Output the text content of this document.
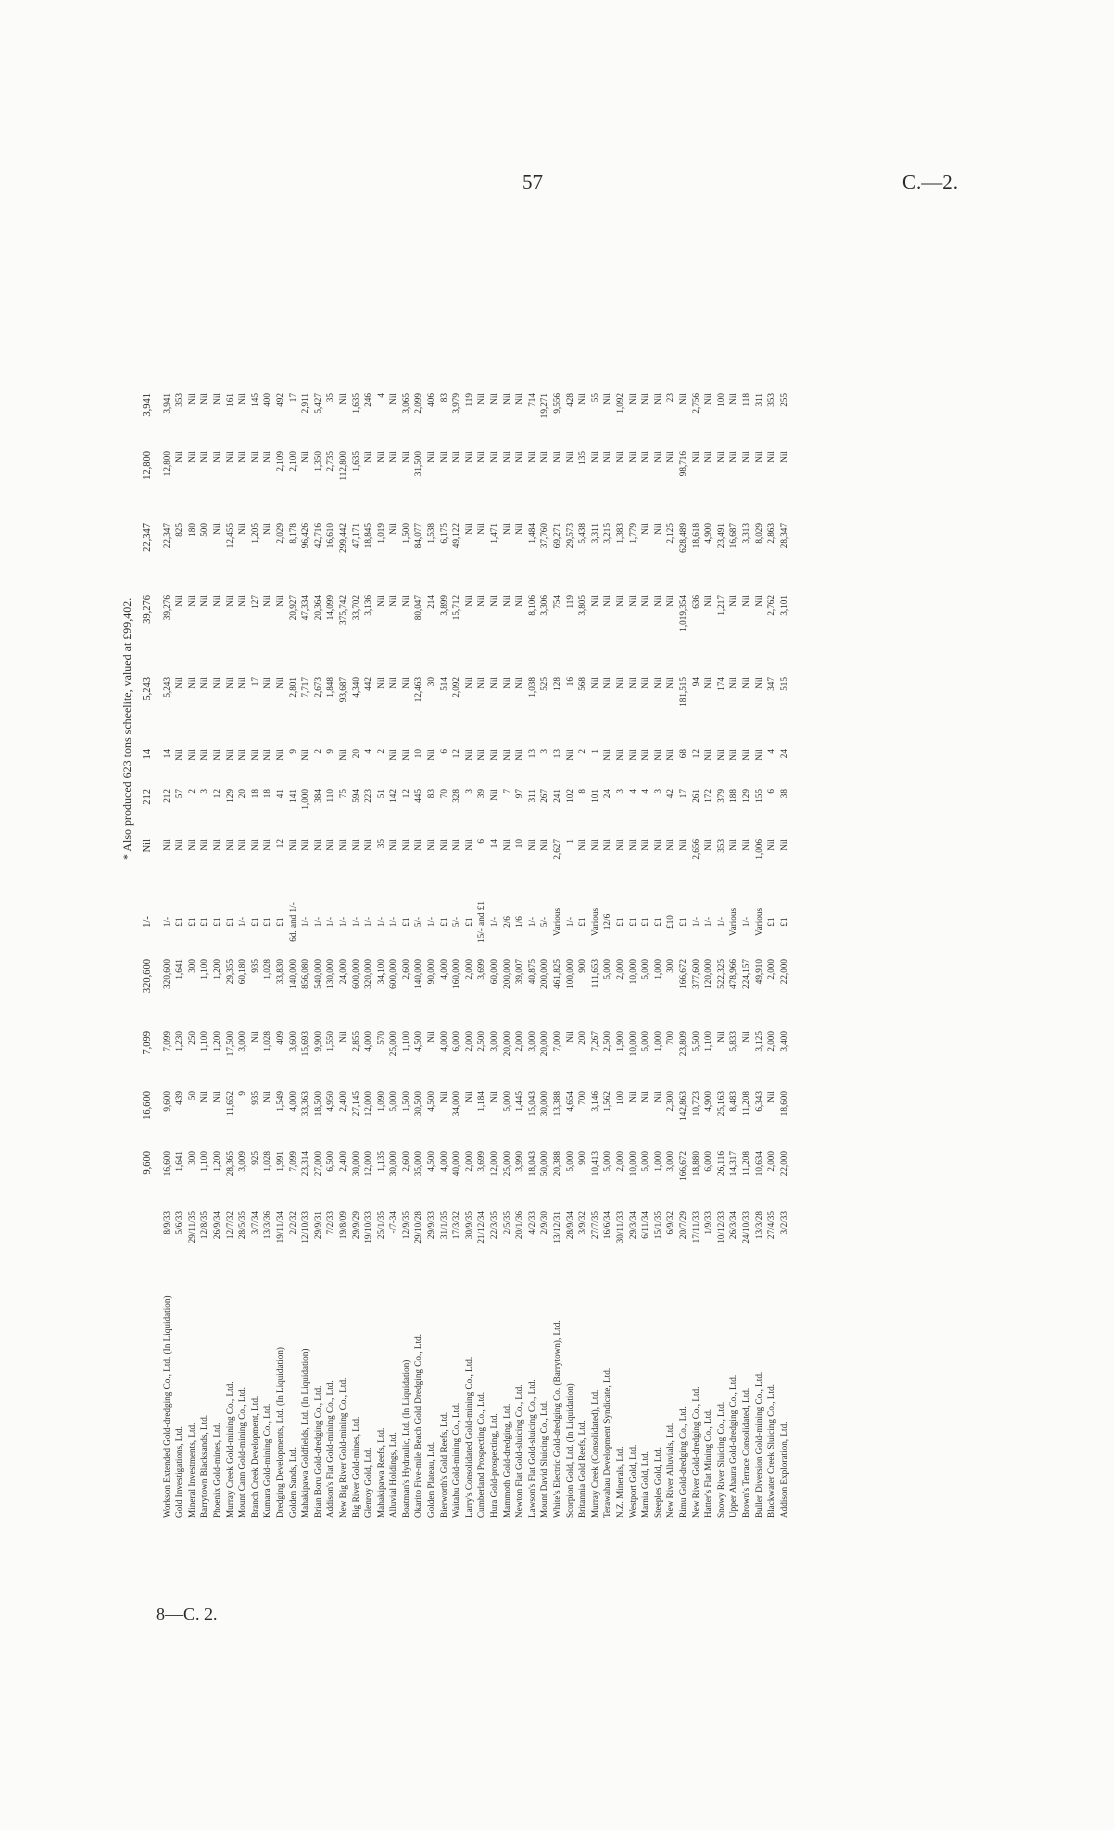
57	C.—2.
8—C. 2.
* Also produced 623 tons scheelite, valued at £99,402.
		9,600	16,600	7,099	320,600	1/-	Nil	212	14	5,243	39,276	22,347	12,800	3,941
Workson Extended Gold-dredging Co., Ltd. (In Liquidation)	8/9/33	16,600	9,600	7,099	320,600	1/-	Nil	212	14	5,243	39,276	22,347	12,800	3,941
Gold Investigations, Ltd.	5/6/33	1,641	439	1,230	1,641	£1	Nil	57	Nil	Nil	Nil	825	Nil	353
Mineral Investments, Ltd.	29/11/35	300	50	250	300	£1	Nil	2	Nil	Nil	Nil	180	Nil	Nil
Barrytown Blacksands, Ltd.	12/8/35	1,100	Nil	1,100	1,100	£1	Nil	3	Nil	Nil	Nil	500	Nil	Nil
Phoenix Gold-mines, Ltd.	26/9/34	1,200	Nil	1,200	1,200	£1	Nil	12	Nil	Nil	Nil	Nil	Nil	Nil
Murray Creek Gold-mining Co., Ltd.	12/7/32	28,365	11,652	17,500	29,355	£1	Nil	129	Nil	Nil	Nil	12,455	Nil	161
Mount Cann Gold-mining Co., Ltd.	28/5/35	3,009	9	3,000	60,180	1/-	Nil	20	Nil	Nil	Nil	Nil	Nil	Nil
Branch Creek Development, Ltd.	3/7/34	925	935	Nil	935	£1	Nil	18	Nil	17	127	1,205	Nil	145
Kumara Gold-mining Co., Ltd.	13/3/36	1,028	Nil	1,028	1,028	£1	Nil	18	Nil	Nil	Nil	Nil	Nil	400
Dredging Developments, Ltd. (In Liquidation)	19/11/34	1,991	1,549	409	33,830	£1	12	41	Nil	Nil	Nil	2,029	2,109	492
Golden Sands, Ltd.	2/2/32	7,099	4,000	3,600	140,000	6d. and 1/-	Nil	141	9	2,801	20,927	8,178	2,100	17
Mahakipawa Goldfields, Ltd. (In Liquidation)	12/10/33	23,314	33,363	15,693	856,080	1/-	Nil	1,000	Nil	7,717	47,334	96,426	Nil	2,911
Brian Boru Gold-dredging Co., Ltd.	29/9/31	27,000	18,500	9,900	540,000	1/-	Nil	384	2	2,673	20,364	42,716	1,350	5,427
Addison's Flat Gold-mining Co., Ltd.	7/2/33	6,500	4,950	1,550	130,000	1/-	Nil	110	9	1,848	14,099	16,610	2,735	35
New Big River Gold-mining Co., Ltd.	19/8/09	2,400	2,400	Nil	24,000	1/-	Nil	75	Nil	93,687	375,742	299,442	112,800	Nil
Big River Gold-mines, Ltd.	29/9/29	30,000	27,145	2,855	600,000	1/-	Nil	594	20	4,340	33,702	47,171	1,635	1,635
Glenroy Gold, Ltd.	19/10/33	12,000	12,000	4,000	320,000	1/-	Nil	223	4	442	3,136	18,845	Nil	246
Mahakipawa Reefs, Ltd.	25/1/35	1,135	1,090	570	34,100	1/-	35	51	2	Nil	Nil	1,019	Nil	4
Alluvial Holdings, Ltd.	-/7-34	30,000	5,000	25,000	600,000	1/-	Nil	142	Nil	Nil	Nil	Nil	Nil	Nil
Boatman's Hydraulic, Ltd. (In Liquidation)	12/9/35	2,600	1,500	1,100	2,600	£1	Nil	12	Nil	Nil	Nil	1,500	Nil	3,065
Okarito Five-mile Beach Gold Dredging Co., Ltd.	29/10/28	35,000	30,500	4,500	140,000	5/-	Nil	445	10	12,463	80,047	84,077	31,500	2,099
Golden Plateau, Ltd.	29/9/33	4,500	4,500	Nil	90,000	1/-	Nil	83	Nil	30	214	1,538	Nil	406
Bierworth's Gold Reefs, Ltd.	31/1/35	4,000	Nil	4,000	4,000	£1	Nil	70	6	514	3,899	6,175	Nil	83
Waitahu Gold-mining Co., Ltd.	17/3/32	40,000	34,000	6,000	160,000	5/-	Nil	328	12	2,092	15,712	49,122	Nil	3,979
Larry's Consolidated Gold-mining Co., Ltd.	30/9/35	2,000	Nil	2,000	2,000	£1	Nil	3	Nil	Nil	Nil	Nil	Nil	119
Cumberland Prospecting Co., Ltd.	21/12/34	3,699	1,184	2,500	3,699	15/- and £1	6	39	Nil	Nil	Nil	Nil	Nil	Nil
Hura Gold-prospecting, Ltd.	22/3/35	12,000	Nil	3,000	60,000	1/-	14	Nil	Nil	Nil	Nil	1,471	Nil	Nil
Mammoth Gold-dredging, Ltd.	2/5/35	25,000	5,000	20,000	200,000	2/6	Nil	7	Nil	Nil	Nil	Nil	Nil	Nil
Newton Flat Gold-sluicing Co., Ltd.	20/1/36	3,990	1,445	2,000	39,007	1/6	10	97	Nil	Nil	Nil	Nil	Nil	Nil
Lawson's Flat Gold-sluicing Co., Ltd.	4/2/33	18,043	15,043	3,000	40,875	1/-	Nil	311	13	1,038	8,106	1,484	Nil	714
Mount David Sluicing Co., Ltd.	2/9/30	50,000	30,000	20,000	200,000	5/-	Nil	267	3	525	3,306	37,760	Nil	19,271
White's Electric Gold-dredging Co. (Barrytown), Ltd.	13/12/31	20,388	13,388	7,000	461,825	Various	2,627	241	13	128	754	69,271	Nil	9,556
Scorpion Gold, Ltd. (In Liquidation)	28/9/34	5,000	4,654	Nil	100,000	1/-	1	102	Nil	16	119	29,573	Nil	428
Britannia Gold Reefs, Ltd.	3/9/32	900	700	200	900	£1	Nil	8	2	568	3,805	5,438	135	Nil
Murray Creek (Consolidated), Ltd.	27/7/35	10,413	3,146	7,267	111,653	Various	Nil	101	1	Nil	Nil	3,311	Nil	55
Terawahau Development Syndicate, Ltd.	16/6/34	5,000	1,562	2,500	5,000	12/6	Nil	24	Nil	Nil	Nil	3,215	Nil	Nil
N.Z. Minerals, Ltd.	30/11/33	2,000	100	1,900	2,000	£1	Nil	3	Nil	Nil	Nil	1,383	Nil	1,092
Westport Gold, Ltd.	29/3/34	10,000	Nil	10,000	10,000	£1	Nil	4	Nil	Nil	Nil	1,779	Nil	Nil
Marnia Gold, Ltd.	6/11/34	5,000	Nil	5,000	5,000	£1	Nil	4	Nil	Nil	Nil	Nil	Nil	Nil
Steeples Gold, Ltd.	15/1/35	1,000	Nil	1,000	1,000	£1	Nil	3	Nil	Nil	Nil	Nil	Nil	Nil
New River Alluvials, Ltd.	6/9/32	3,000	2,300	700	300	£10	Nil	42	Nil	Nil	Nil	2,125	Nil	23
Rimu Gold-dredging Co., Ltd.	20/7/29	166,672	142,863	23,809	166,672	£1	Nil	17	68	181,515	1,019,354	628,489	98,716	Nil
New River Gold-dredging Co., Ltd.	17/11/33	18,880	10,723	5,500	377,600	1/-	2,656	261	12	94	636	18,618	Nil	2,756
Hatter's Flat Mining Co., Ltd.	1/9/33	6,000	4,900	1,100	120,000	1/-	Nil	172	Nil	Nil	Nil	4,900	Nil	Nil
Snowy River Sluicing Co., Ltd.	10/12/33	26,116	25,163	Nil	522,325	1/-	353	379	Nil	174	1,217	23,491	Nil	100
Upper Ahaura Gold-dredging Co., Ltd.	26/3/34	14,317	8,483	5,833	478,966	Various	Nil	188	Nil	Nil	Nil	16,687	Nil	Nil
Brown's Terrace Consolidated, Ltd.	24/10/33	11,208	11,208	Nil	224,157	1/-	Nil	129	Nil	Nil	Nil	3,313	Nil	118
Buller Diversion Gold-mining Co., Ltd.	13/3/28	10,634	6,343	3,125	49,910	Various	1,006	155	Nil	Nil	Nil	8,029	Nil	311
Blackwater Creek Sluicing Co., Ltd.	27/4/35	2,000	Nil	2,000	2,000	£1	Nil	6	4	347	2,762	2,863	Nil	353
Addison Exploration, Ltd.	3/2/33	22,000	18,600	3,400	22,000	£1	Nil	38	24	515	3,101	28,347	Nil	255
